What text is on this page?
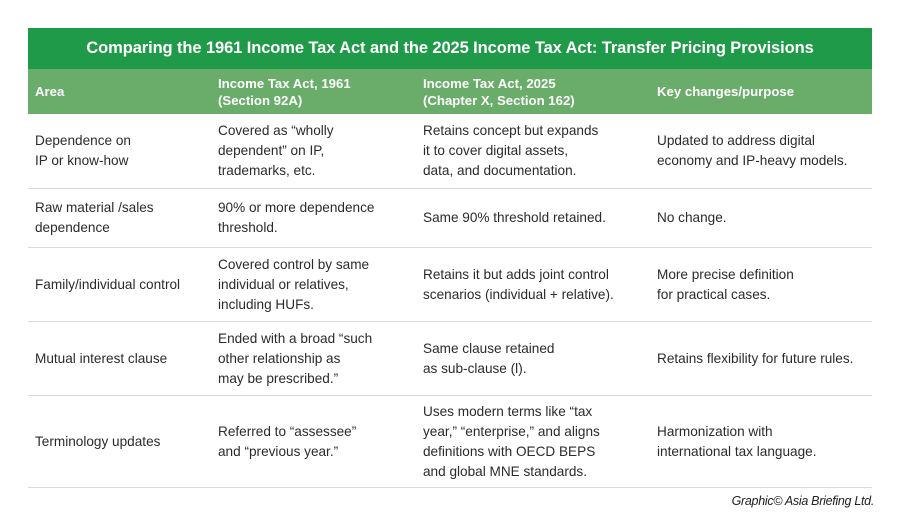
Comparing the 1961 Income Tax Act and the 2025 Income Tax Act: Transfer Pricing Provisions
Area
Income Tax Act, 1961
(Section 92A)
Income Tax Act, 2025
(Chapter X, Section 162)
Key changes/purpose
Dependence on
IP or know-how
Covered as “wholly
dependent” on IP,
trademarks, etc.
Retains concept but expands
it to cover digital assets,
data, and documentation.
Updated to address digital
economy and IP-heavy models.
Raw material /sales
dependence
90% or more dependence
threshold.
Same 90% threshold retained.	No change.
Family/individual control
Covered control by same
individual or relatives,
including HUFs.
Retains it but adds joint control
scenarios (individual + relative).
More precise definition
for practical cases.
Mutual interest clause
Ended with a broad “such
other relationship as
may be prescribed.”
Same clause retained
as sub-clause (l).
Retains flexibility for future rules.
Terminology updates
Referred to “assessee”
and “previous year.”
Uses modern terms like “tax
year,” “enterprise,” and aligns
definitions with OECD BEPS
and global MNE standards.
Harmonization with
international tax language.
Graphic© Asia Briefing Ltd.
